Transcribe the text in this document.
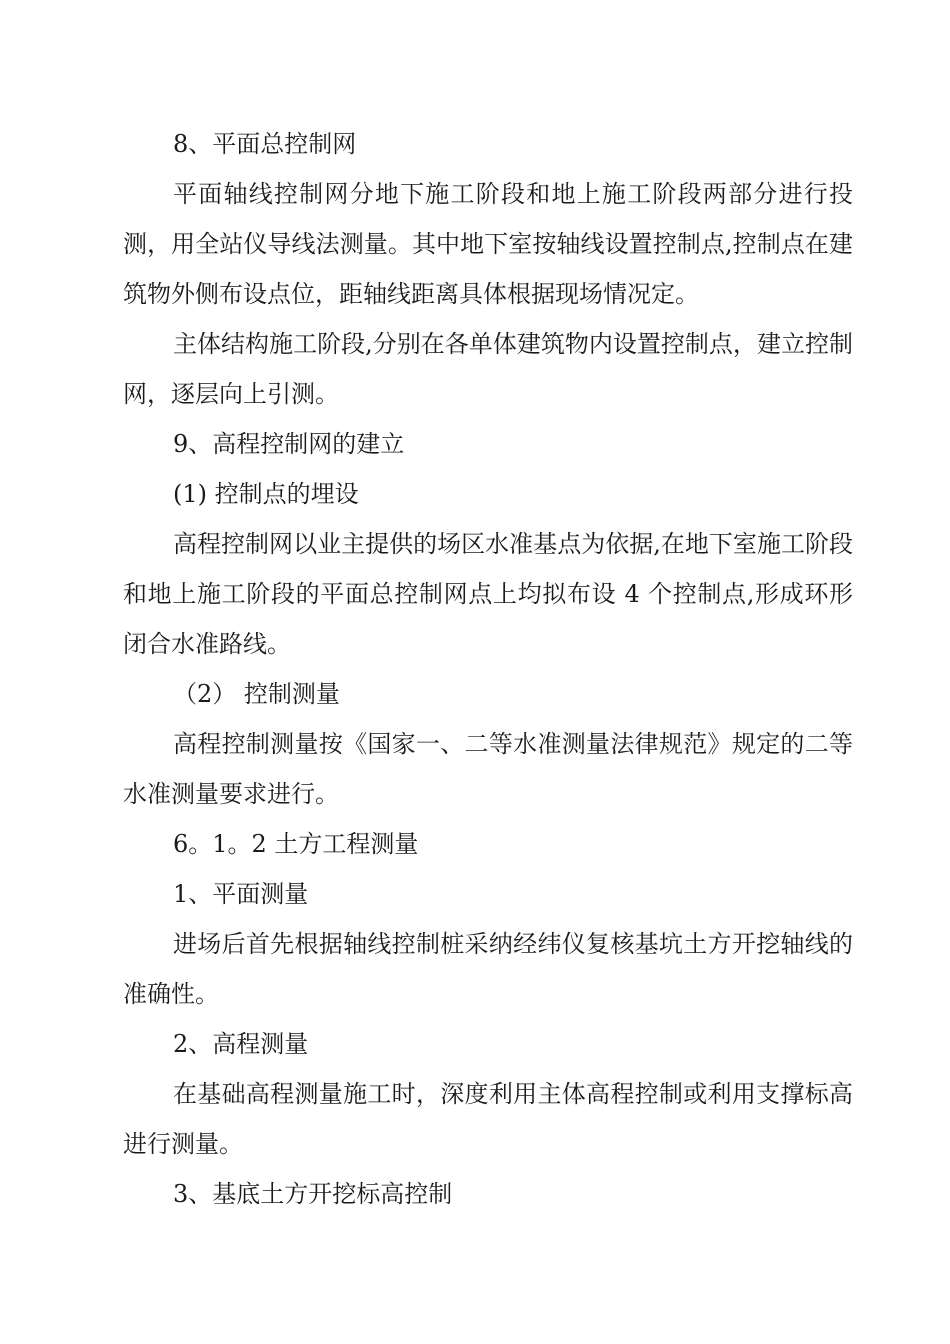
8、平面总控制网

平面轴线控制网分地下施工阶段和地上施工阶段两部分进行投测，用全站仪导线法测量。其中地下室按轴线设置控制点,控制点在建筑物外侧布设点位，距轴线距离具体根据现场情况定。

主体结构施工阶段,分别在各单体建筑物内设置控制点，建立控制网，逐层向上引测。

9、高程控制网的建立

(1) 控制点的埋设

高程控制网以业主提供的场区水准基点为依据,在地下室施工阶段和地上施工阶段的平面总控制网点上均拟布设 4 个控制点,形成环形闭合水准路线。

（2） 控制测量

高程控制测量按《国家一、二等水准测量法律规范》规定的二等水准测量要求进行。

6。1。2 土方工程测量

1、平面测量

进场后首先根据轴线控制桩采纳经纬仪复核基坑土方开挖轴线的准确性。

2、高程测量

在基础高程测量施工时，深度利用主体高程控制或利用支撑标高进行测量。

3、基底土方开挖标高控制
